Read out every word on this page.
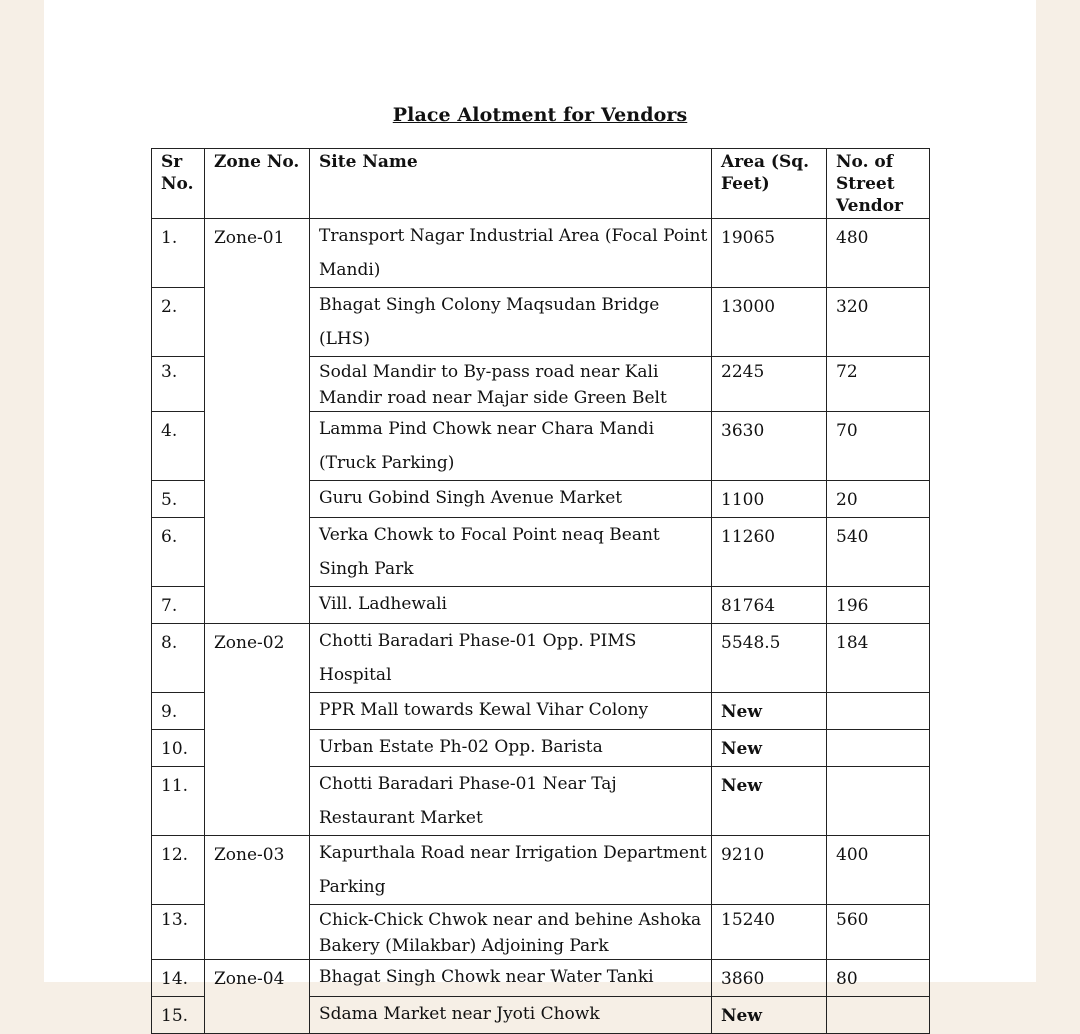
Place Alotment for Vendors
Sr No.	Zone No.	Site Name	Area (Sq. Feet)	No. of Street Vendor
1.	Zone-01	Transport Nagar Industrial Area (Focal Point Mandi)	19065	480
2.		Bhagat Singh Colony Maqsudan Bridge (LHS)	13000	320
3.		Sodal Mandir to By-pass road near Kali Mandir road near Majar side Green Belt	2245	72
4.		Lamma Pind Chowk near Chara Mandi (Truck Parking)	3630	70
5.		Guru Gobind Singh Avenue Market	1100	20
6.		Verka Chowk to Focal Point neaq Beant Singh Park	11260	540
7.		Vill. Ladhewali	81764	196
8.	Zone-02	Chotti Baradari Phase-01 Opp. PIMS Hospital	5548.5	184
9.		PPR Mall towards Kewal Vihar Colony	New	
10.		Urban Estate Ph-02 Opp. Barista	New	
11.		Chotti Baradari Phase-01 Near Taj Restaurant Market	New	
12.	Zone-03	Kapurthala Road near Irrigation Department Parking	9210	400
13.		Chick-Chick Chwok near and behine Ashoka Bakery (Milakbar) Adjoining Park	15240	560
14.	Zone-04	Bhagat Singh Chowk near Water Tanki	3860	80
15.		Sdama Market near Jyoti Chowk	New	
